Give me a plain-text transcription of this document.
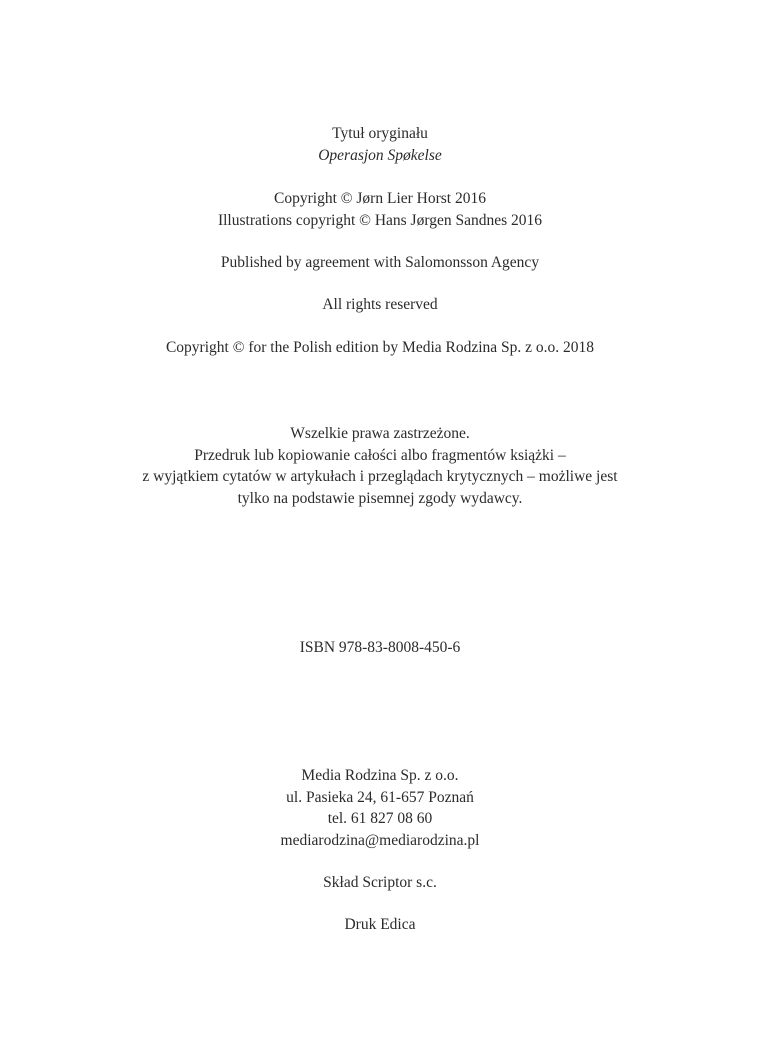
Tytuł oryginału
Operasjon Spøkelse
Copyright © Jørn Lier Horst 2016
Illustrations copyright © Hans Jørgen Sandnes 2016
Published by agreement with Salomonsson Agency
All rights reserved
Copyright © for the Polish edition by Media Rodzina Sp. z o.o. 2018
Wszelkie prawa zastrzeżone.
Przedruk lub kopiowanie całości albo fragmentów książki –
z wyjątkiem cytatów w artykułach i przeglądach krytycznych – możliwe jest
tylko na podstawie pisemnej zgody wydawcy.
ISBN 978-83-8008-450-6
Media Rodzina Sp. z o.o.
ul. Pasieka 24, 61-657 Poznań
tel. 61 827 08 60
mediarodzina@mediarodzina.pl
Skład Scriptor s.c.
Druk Edica
